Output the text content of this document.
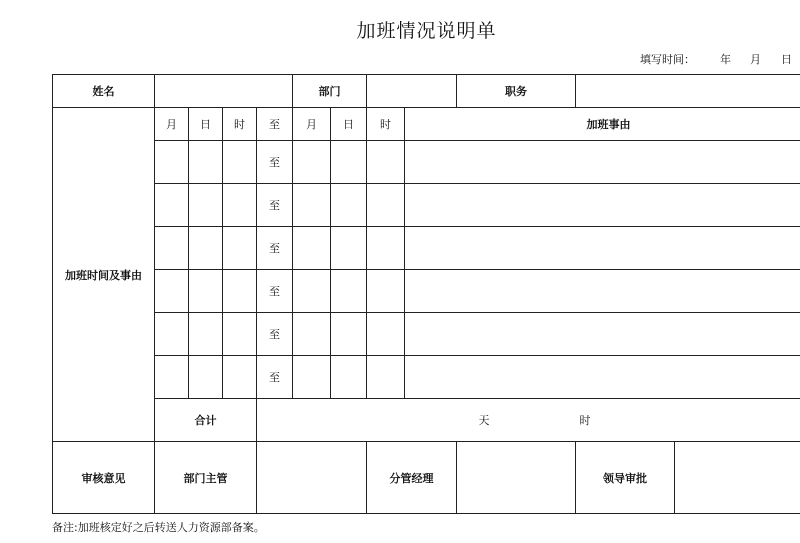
加班情况说明单
填写时间： 年 月 日
姓名					部门				职务		
加班时间及事由	月	日	时	至	月	日	时	加班事由			
				至							
				至							
				至							
				至							
				至							
				至							
	合计			天 时							
审核意见	部门主管						分管经理			领导审批	
备注:加班核定好之后转送人力资源部备案。
